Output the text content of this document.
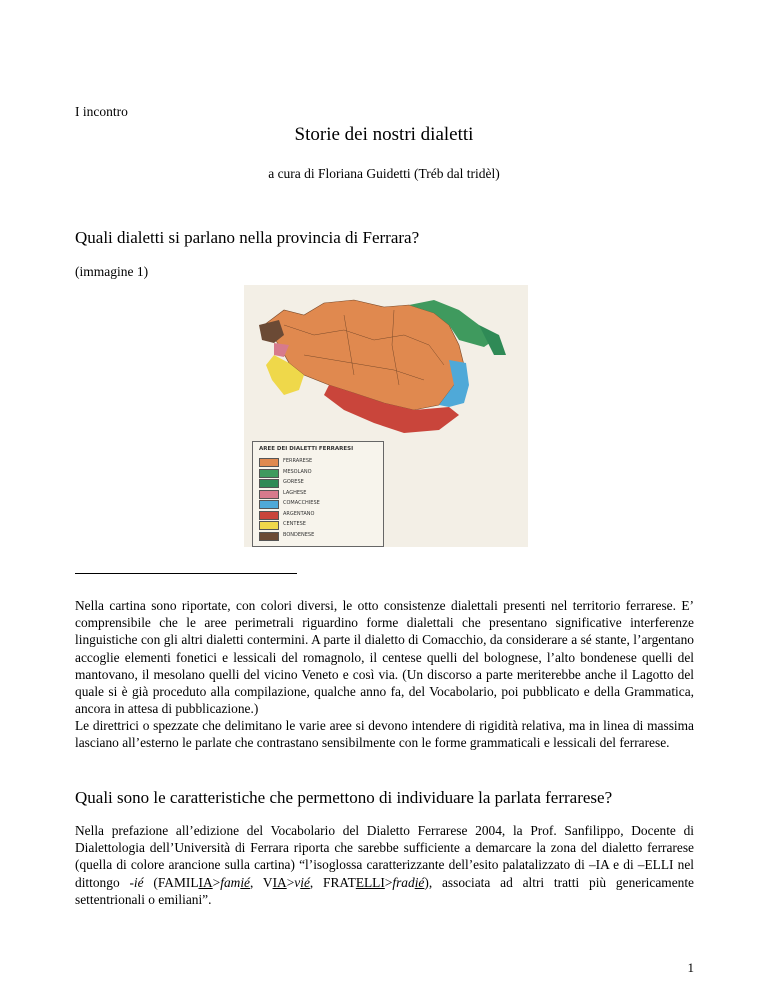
I incontro
Storie dei nostri dialetti
a cura di Floriana Guidetti (Tréb dal tridèl)
Quali dialetti si parlano nella provincia di Ferrara?
(immagine 1)
AREE DEI DIALETTI FERRARESI
FERRARESE
MESOLANO
GORESE
LAGHESE
COMACCHIESE
ARGENTANO
CENTESE
BONDENESE
Nella cartina sono riportate, con colori diversi, le otto consistenze dialettali presenti nel territorio ferrarese. E’ comprensibile che le aree perimetrali riguardino forme dialettali che presentano significative interferenze linguistiche con gli altri dialetti contermini. A parte il dialetto di Comacchio, da considerare a sé stante, l’argentano accoglie elementi fonetici e lessicali del romagnolo, il centese quelli del bolognese, l’alto bondenese quelli del mantovano, il mesolano quelli del vicino Veneto e così via. (Un discorso a parte meriterebbe anche il Lagotto del quale si è già proceduto alla compilazione, qualche anno fa, del Vocabolario, poi pubblicato e della Grammatica, ancora in attesa di pubblicazione.)
Le direttrici o spezzate che delimitano le varie aree si devono intendere di rigidità relativa, ma in linea di massima lasciano all’esterno le parlate che contrastano sensibilmente con le forme grammaticali e lessicali del ferrarese.
Quali sono le caratteristiche che permettono di individuare la parlata ferrarese?
Nella prefazione all’edizione del Vocabolario del Dialetto Ferrarese 2004, la Prof. Sanfilippo, Docente di Dialettologia dell’Università di Ferrara riporta che sarebbe sufficiente a demarcare la zona del dialetto ferrarese (quella di colore arancione sulla cartina) “l’isoglossa caratterizzante dell’esito palatalizzato di –IA e di –ELLI nel dittongo -ié (FAMILIA>famié, VIA>vié, FRATELLI>fradié), associata ad altri tratti più genericamente settentrionali o emiliani”.
1
